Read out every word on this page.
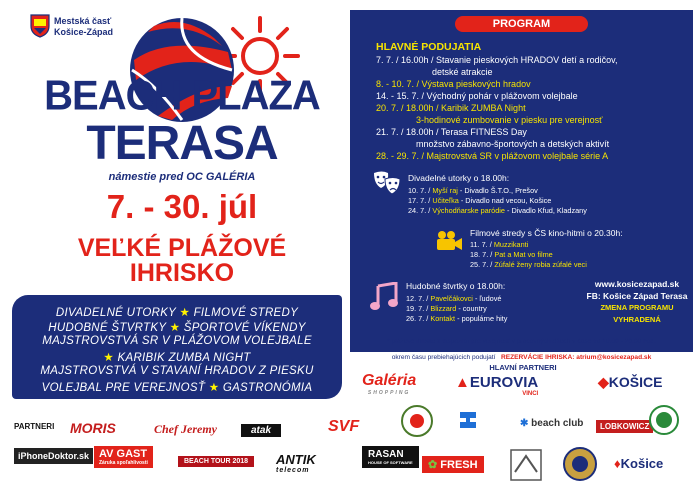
Mestská časť
Košice-Západ
BEACH PLAZA
TERASA
námestie pred OC GALÉRIA
7. - 30. júl
VEĽKÉ PLÁŽOVÉ
IHRISKO
DIVADELNÉ UTORKY ★ FILMOVÉ STREDY
HUDOBNÉ ŠTVRTKY ★ ŠPORTOVÉ VÍKENDY
MAJSTROVSTVÁ SR V PLÁŽOVOM VOLEJBALE
★ KARIBIK ZUMBA NIGHT
MAJSTROVSTVÁ V STAVANÍ HRADOV Z PIESKU
VOLEJBAL PRE VEREJNOSŤ ★ GASTRONÓMIA
PROGRAM
HLAVNÉ PODUJATIA
7. 7. / 16.00h / Stavanie pieskových HRADOV detí a rodičov,
detské atrakcie
8. - 10. 7. / Výstava pieskových hradov
14. - 15. 7. / Východný pohár v plážovom volejbale
20. 7. / 18.00h / Karibik ZUMBA Night
3-hodinové zumbovanie v piesku pre verejnosť
21. 7. / 18.00h / Terasa FITNESS Day
množstvo zábavno-športových a detských aktivít
28. - 29. 7. / Majstrovstvá SR v plážovom volejbale série A
Divadelné utorky o 18.00h:
10. 7. / Myší raj - Divadlo Š.T.O., Prešov
17. 7. / Učiteľka - Divadlo nad vecou, Košice
24. 7. / Východňarske paródie - Divadlo Kfud, Kladzany
Filmové stredy s ČS kino-hitmi o 20.30h:
11. 7. / Muzzikanti
18. 7. / Pat a Mat vo filme
25. 7. / Zúfalé ženy robia zúfalé veci
Hudobné štvrtky o 18.00h:
12. 7. / Pavelčákovci - ľudové
19. 7. / Blizzard - country
26. 7. / Kontakt - populárne hity
www.kosicezapad.sk
FB: Košice Západ Terasa
ZMENA PROGRAMU VYHRADENÁ
* plážové ihrisko k dispozícii pre verejnosť v pracovných dňoch v čase od 10.00 - 20.00 hod.
okrem času prebiehajúcich podujatí REZERVÁCIE IHRISKA: atrium@kosicezapad.sk
HLAVNÍ PARTNERI
Galéria
SHOPPING
▲EUROVIA
VINCI
◆KOŠICE
PARTNERI MORIS	Chef Jeremy	atak	SVF	✱ beach club	LOBKOWICZ
iPhoneDoktor.sk AV GAST
Záruka spoľahlivosti	BEACH TOUR 2018	ANTIK
telecom
RASAN
HOUSE OF SOFTWARE	✿ FRESH	♦Košice
